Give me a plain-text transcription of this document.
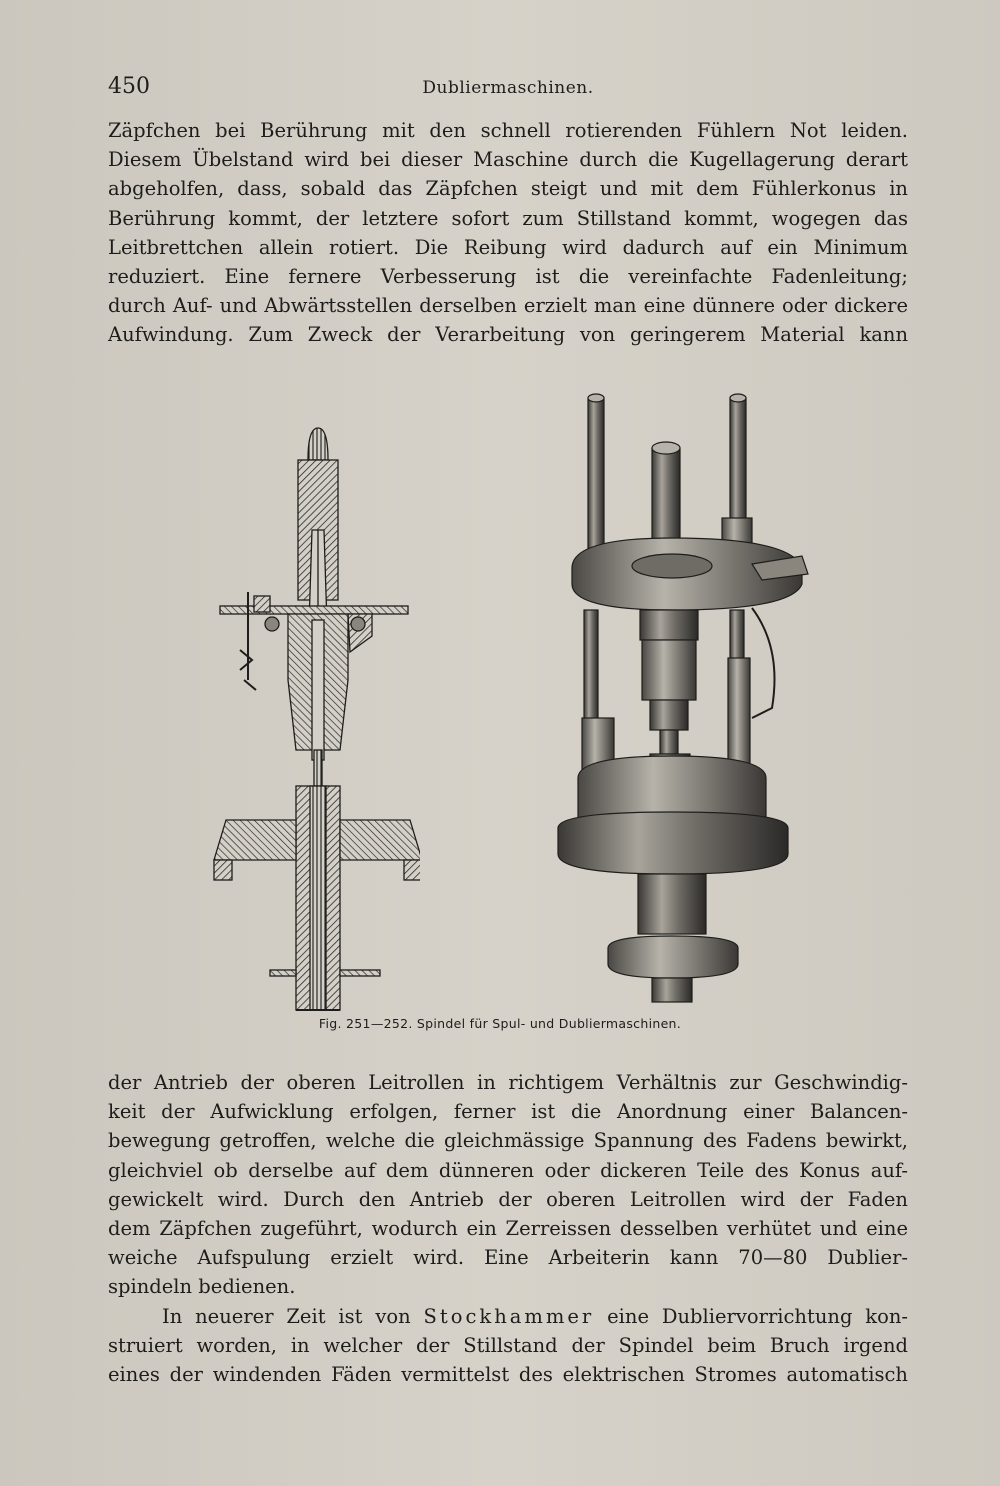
450	Dubliermaschinen.
Zäpfchen bei Berührung mit den schnell rotierenden Fühlern Not leiden.
Diesem Übelstand wird bei dieser Maschine durch die Kugellagerung derart
abgeholfen, dass, sobald das Zäpfchen steigt und mit dem Fühlerkonus in
Berührung kommt, der letztere sofort zum Stillstand kommt, wogegen das
Leitbrettchen allein rotiert. Die Reibung wird dadurch auf ein Minimum
reduziert. Eine fernere Verbesserung ist die vereinfachte Fadenleitung;
durch Auf- und Abwärtsstellen derselben erzielt man eine dünnere oder dickere
Aufwindung. Zum Zweck der Verarbeitung von geringerem Material kann
Fig. 251—252. Spindel für Spul- und Dubliermaschinen.
der Antrieb der oberen Leitrollen in richtigem Verhältnis zur Geschwindig-
keit der Aufwicklung erfolgen, ferner ist die Anordnung einer Balancen-
bewegung getroffen, welche die gleichmässige Spannung des Fadens bewirkt,
gleichviel ob derselbe auf dem dünneren oder dickeren Teile des Konus auf-
gewickelt wird. Durch den Antrieb der oberen Leitrollen wird der Faden
dem Zäpfchen zugeführt, wodurch ein Zerreissen desselben verhütet und eine
weiche Aufspulung erzielt wird. Eine Arbeiterin kann 70—80 Dublier-
spindeln bedienen.
In neuerer Zeit ist von Stockhammer eine Dubliervorrichtung kon-
struiert worden, in welcher der Stillstand der Spindel beim Bruch irgend
eines der windenden Fäden vermittelst des elektrischen Stromes automatisch
